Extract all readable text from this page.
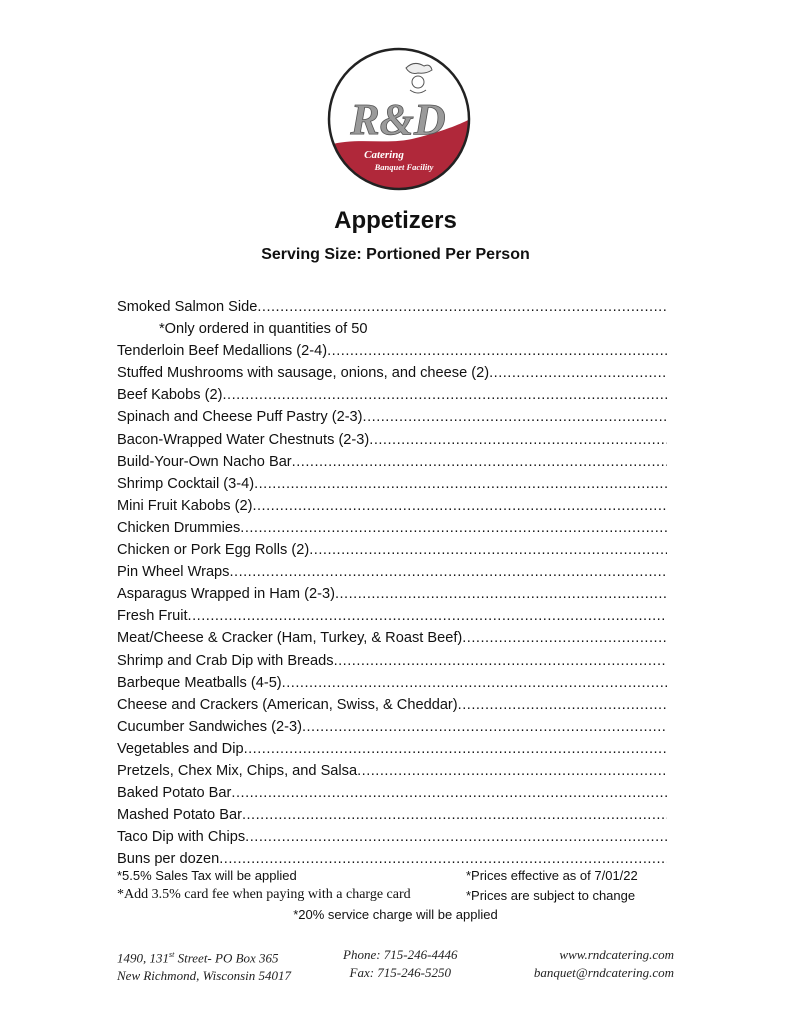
R&D
Catering
Banquet Facility
Appetizers
Serving Size: Portioned Per Person
Smoked Salmon Side
.....
*Only ordered in quantities of 50
Tenderloin Beef Medallions (2-4)
.....
Stuffed Mushrooms with sausage, onions, and cheese (2)
.....
Beef Kabobs (2)
.....
Spinach and Cheese Puff Pastry (2-3)
.....
Bacon-Wrapped Water Chestnuts (2-3)
.....
Build-Your-Own Nacho Bar
.....
Shrimp Cocktail (3-4)
.....
Mini Fruit Kabobs (2)
.....
Chicken Drummies
.....
Chicken or Pork Egg Rolls (2)
.....
Pin Wheel Wraps
.....
Asparagus Wrapped in Ham (2-3)
.....
Fresh Fruit
.....
Meat/Cheese & Cracker (Ham, Turkey, & Roast Beef)
.....
Shrimp and Crab Dip with Breads
.....
Barbeque Meatballs (4-5)
.....
Cheese and Crackers (American, Swiss, & Cheddar)
.....
Cucumber Sandwiches (2-3)
.....
Vegetables and Dip
.....
Pretzels, Chex Mix, Chips, and Salsa
.....
Baked Potato Bar
.....
Mashed Potato Bar
.....
Taco Dip with Chips
.....
Buns per dozen
.....
*5.5% Sales Tax will be applied	*Prices effective as of 7/01/22
*Add 3.5% card fee when paying with a charge card	*Prices are subject to change
*20% service charge will be applied
1490, 131st Street- PO Box 365
New Richmond, Wisconsin 54017
Phone: 715-246-4446
Fax: 715-246-5250
www.rndcatering.com
banquet@rndcatering.com
